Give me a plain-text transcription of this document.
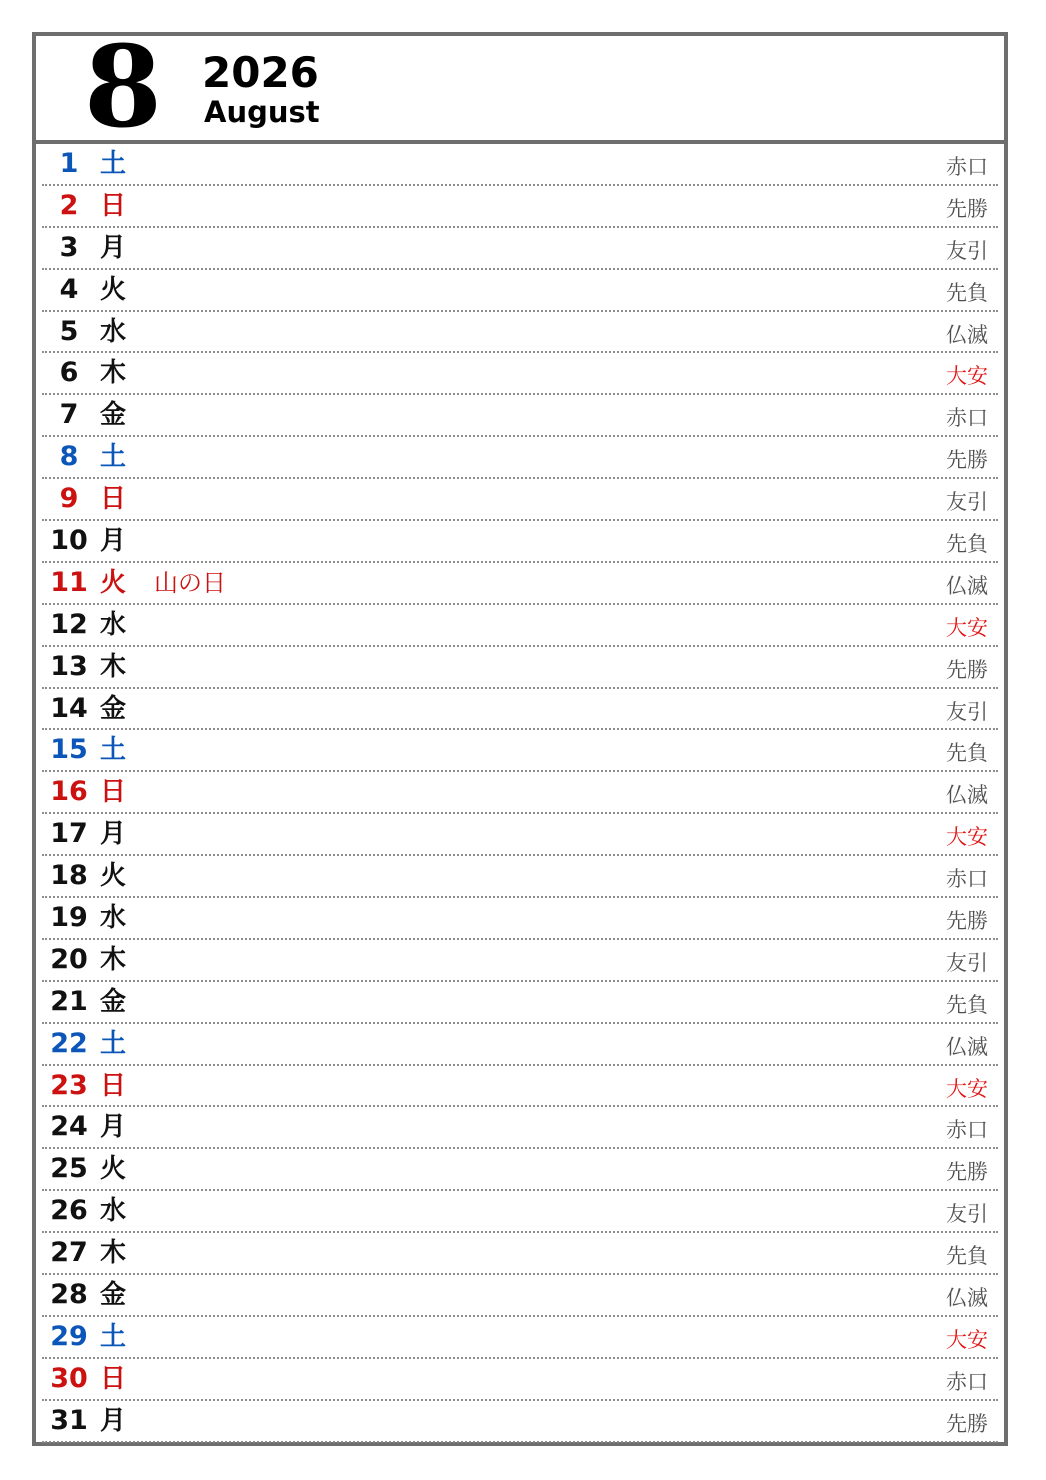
8 2026
August
1 土	赤口
2 日	先勝
3 月	友引
4 火	先負
5 水	仏滅
6 木	大安
7 金	赤口
8 土	先勝
9 日	友引
10 月	先負
11 火 山の日	仏滅
12 水	大安
13 木	先勝
14 金	友引
15 土	先負
16 日	仏滅
17 月	大安
18 火	赤口
19 水	先勝
20 木	友引
21 金	先負
22 土	仏滅
23 日	大安
24 月	赤口
25 火	先勝
26 水	友引
27 木	先負
28 金	仏滅
29 土	大安
30 日	赤口
31 月	先勝
